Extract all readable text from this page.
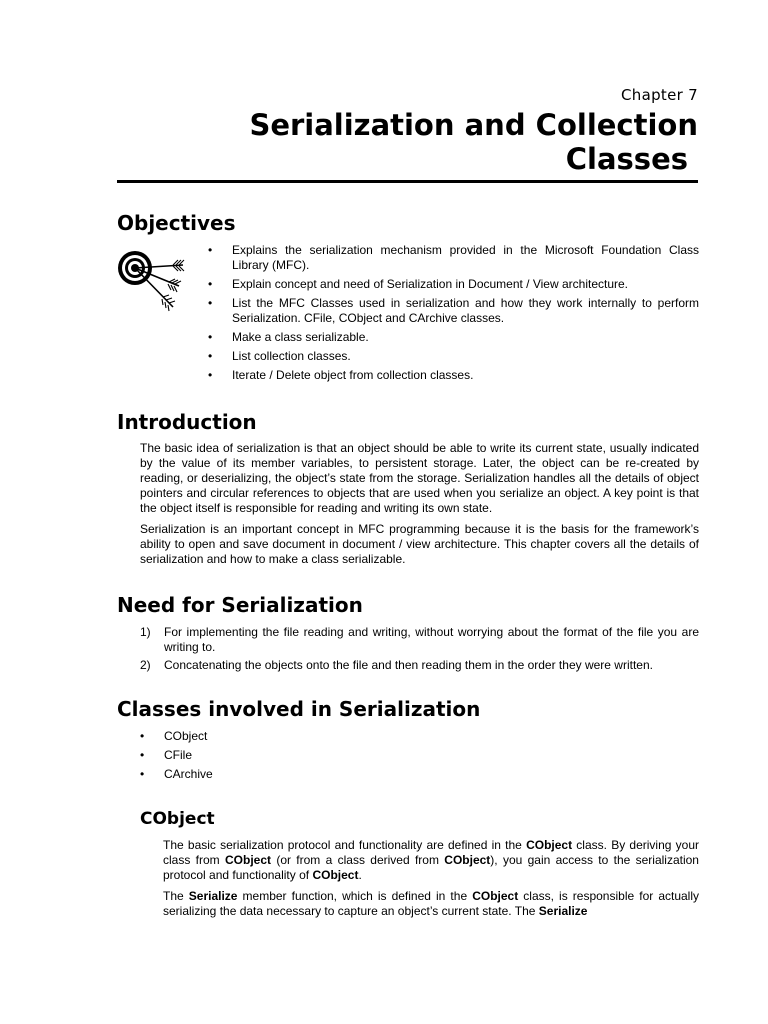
Chapter 7
Serialization and Collection
Classes
Objectives
• Explains the serialization mechanism provided in the Microsoft Foundation Class Library (MFC).
• Explain concept and need of Serialization in Document / View architecture.
• List the MFC Classes used in serialization and how they work internally to perform Serialization. CFile, CObject and CArchive classes.
• Make a class serializable.
• List collection classes.
• Iterate / Delete object from collection classes.
Introduction

The basic idea of serialization is that an object should be able to write its current state, usually indicated by the value of its member variables, to persistent storage. Later, the object can be re-created by reading, or deserializing, the object’s state from the storage. Serialization handles all the details of object pointers and circular references to objects that are used when you serialize an object. A key point is that the object itself is responsible for reading and writing its own state.

Serialization is an important concept in MFC programming because it is the basis for the framework’s ability to open and save document in document / view architecture. This chapter covers all the details of serialization and how to make a class serializable.

Need for Serialization
1) For implementing the file reading and writing, without worrying about the format of the file you are writing to.
2) Concatenating the objects onto the file and then reading them in the order they were written.
Classes involved in Serialization
• CObject
• CFile
• CArchive
CObject

The basic serialization protocol and functionality are defined in the CObject class. By deriving your class from CObject (or from a class derived from CObject), you gain access to the serialization protocol and functionality of CObject.

The Serialize member function, which is defined in the CObject class, is responsible for actually serializing the data necessary to capture an object’s current state. The Serialize
